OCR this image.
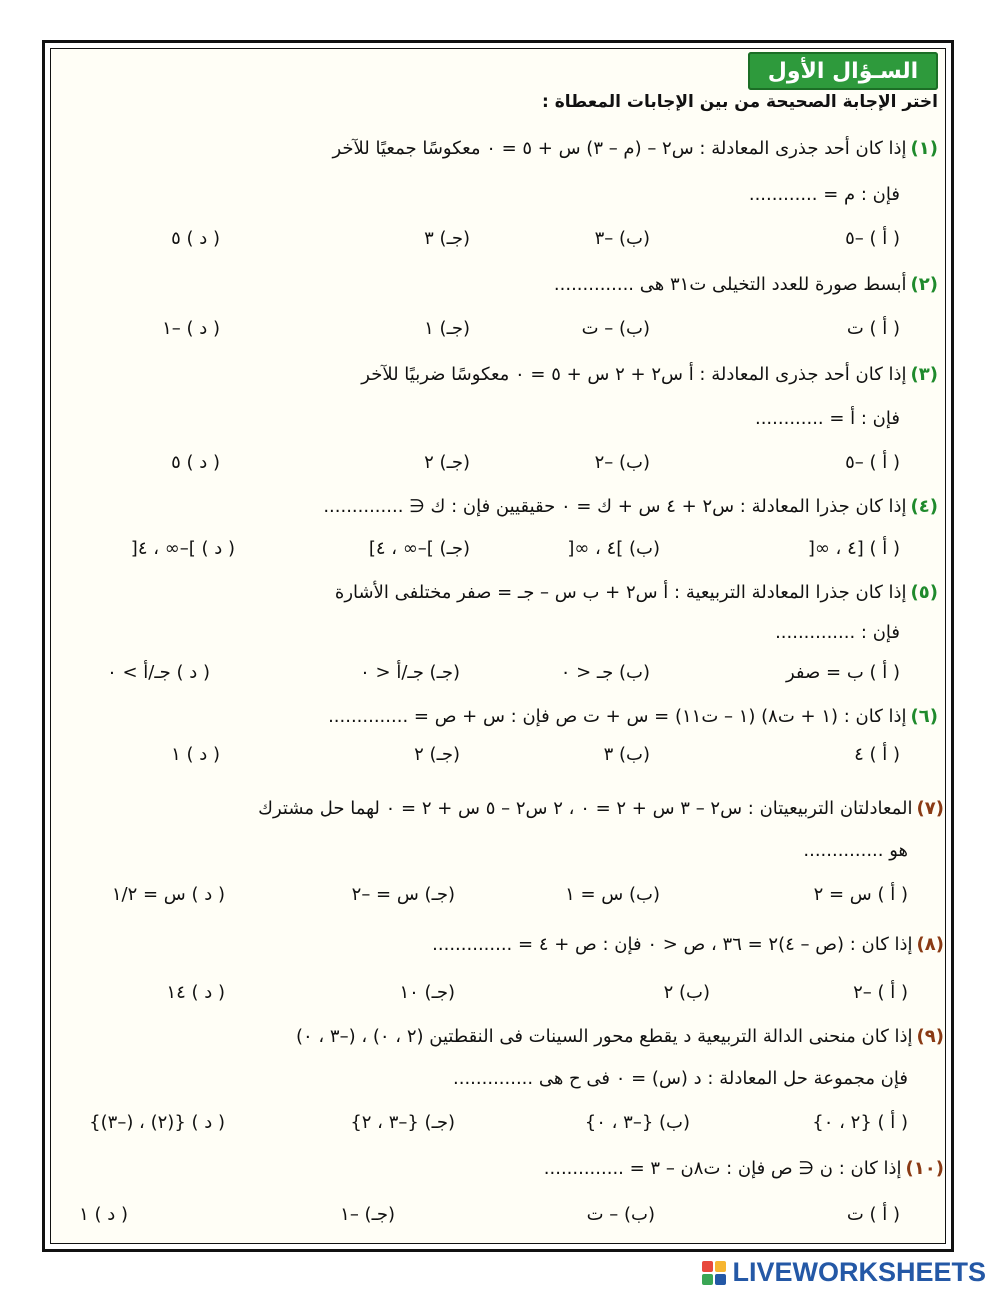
السـؤال الأول
اختر الإجابة الصحيحة من بين الإجابات المعطاة :
(١)إذا كان أحد جذرى المعادلة : س٢ – (م – ٣) س + ٥ = ٠ معكوسًا جمعيًا للآخر
فإن : م = ............
( أ ) –٥
(ب) –٣
(جـ) ٣
( د ) ٥
(٢)أبسط صورة للعدد التخيلى ت٣١ هى ..............
( أ ) ت
(ب) – ت
(جـ) ١
( د ) –١
(٣)إذا كان أحد جذرى المعادلة : أ س٢ + ٢ س + ٥ = ٠ معكوسًا ضربيًا للآخر
فإن : أ = ............
( أ ) –٥
(ب) –٢
(جـ) ٢
( د ) ٥
(٤)إذا كان جذرا المعادلة : س٢ + ٤ س + ك = ٠ حقيقيين فإن : ك ∈ ..............
( أ ) [٤ ، ∞[
(ب) ]٤ ، ∞[
(جـ) ]–∞ ، ٤]
( د ) ]–∞ ، ٤[
(٥)إذا كان جذرا المعادلة التربيعية : أ س٢ + ب س – جـ = صفر مختلفى الأشارة
فإن : ..............
( أ ) ب = صفر
(ب) جـ < ٠
(جـ) جـ/أ < ٠
( د ) جـ/أ > ٠
(٦)إذا كان : (١ + ت٨) (١ – ت١١) = س + ت ص فإن : س + ص = ..............
( أ ) ٤
(ب) ٣
(جـ) ٢
( د ) ١
(٧)المعادلتان التربيعيتان : س٢ – ٣ س + ٢ = ٠ ، ٢ س٢ – ٥ س + ٢ = ٠ لهما حل مشترك
هو ..............
( أ ) س = ٢
(ب) س = ١
(جـ) س = –٢
( د ) س = ١/٢
(٨)إذا كان : (ص – ٤)٢ = ٣٦ ، ص < ٠ فإن : ص + ٤ = ..............
( أ ) –٢
(ب) ٢
(جـ) ١٠
( د ) ١٤
(٩)إذا كان منحنى الدالة التربيعية د يقطع محور السينات فى النقطتين (٢ ، ٠) ، (–٣ ، ٠)
فإن مجموعة حل المعادلة : د (س) = ٠ فى ح هى ..............
( أ ) {٢ ، ٠}
(ب) {–٣ ، ٠}
(جـ) {–٣ ، ٢}
( د ) {(٢) ، (–٣)}
(١٠)إذا كان : ن ∈ ص فإن : ت٨ن – ٣ = ..............
( أ ) ت
(ب) – ت
(جـ) –١
( د ) ١
LIVEWORKSHEETS
